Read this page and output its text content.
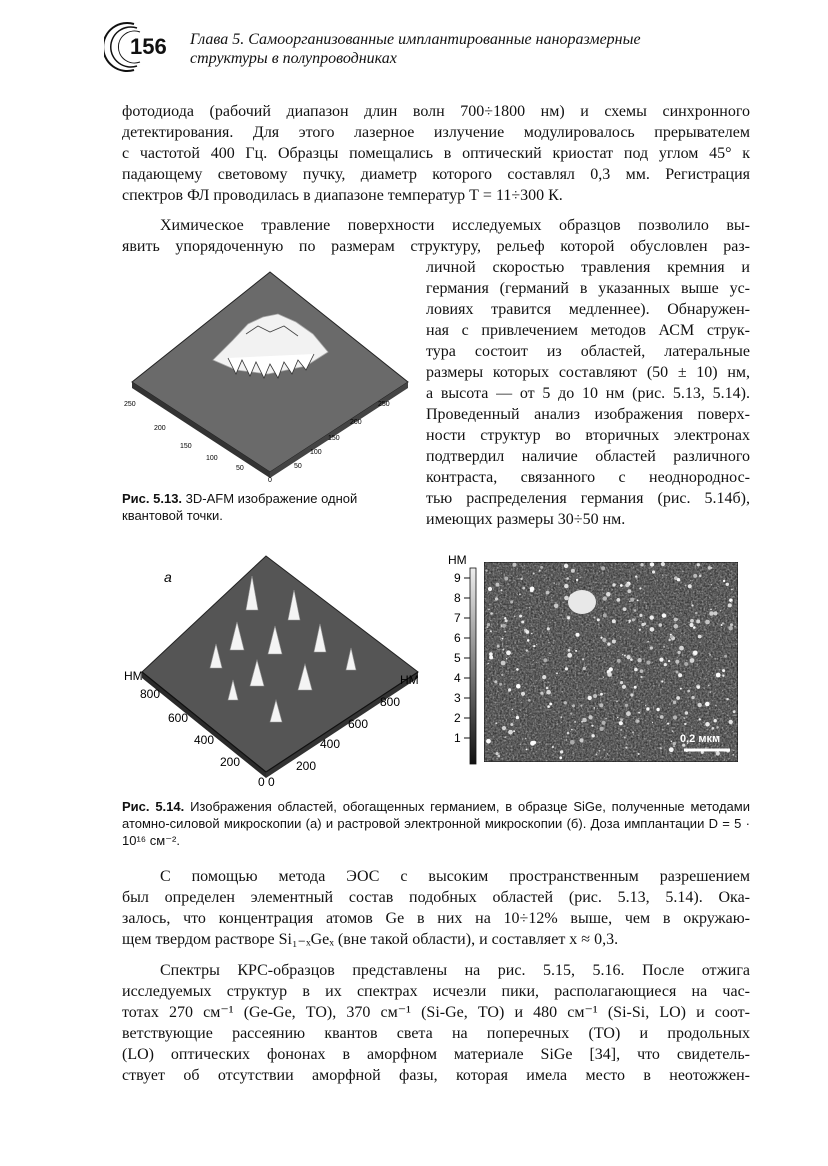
156 Глава 5. Самоорганизованные имплантированные наноразмерные
структуры в полупроводниках
фотодиода (рабочий диапазон длин волн 700÷1800 нм) и схемы синхронного
детектирования. Для этого лазерное излучение модулировалось прерывателем
с частотой 400 Гц. Образцы помещались в оптический криостат под углом 45° к
падающему световому пучку, диаметр которого составлял 0,3 мм. Регистрация
спектров ФЛ проводилась в диапазоне температур Т = 11÷300 К.
Химическое травление поверхности исследуемых образцов позволило вы-
явить упорядоченную по размерам структуру, рельеф которой обусловлен раз-
личной скоростью травления кремния и
германия (германий в указанных выше ус-
ловиях травится медленнее). Обнаружен-
ная с привлечением методов АСМ струк-
тура состоит из областей, латеральные
размеры которых составляют (50 ± 10) нм,
а высота — от 5 до 10 нм (рис. 5.13, 5.14).
Проведенный анализ изображения поверх-
ности структур во вторичных электронах
подтвердил наличие областей различного
контраста, связанного с неоднороднос-
тью распределения германия (рис. 5.14б),
имеющих размеры 30÷50 нм.
250
200
150
100
50
250
200
150
100
50
0
Рис. 5.13. 3D-AFM изображение одной квантовой точки.
а
НМ	НМ
800
600
400
200
800
600
400
200
0 0
НМ
9
8
7
6
5
4
3
2
1	0,2 мкм
Рис. 5.14. Изображения областей, обогащенных германием, в образце SiGe, полученные методами атомно-силовой микроскопии (а) и растровой электронной микроскопии (б). Доза имплантации D = 5 · 10¹⁶ см⁻².
С помощью метода ЭОС с высоким пространственным разрешением
был определен элементный состав подобных областей (рис. 5.13, 5.14). Ока-
залось, что концентрация атомов Ge в них на 10÷12% выше, чем в окружаю-
щем твердом растворе Si₁₋ₓGeₓ (вне такой области), и составляет x ≈ 0,3.
Спектры КРС-образцов представлены на рис. 5.15, 5.16. После отжига
исследуемых структур в их спектрах исчезли пики, располагающиеся на час-
тотах 270 см⁻¹ (Ge-Ge, ТО), 370 см⁻¹ (Si-Ge, ТО) и 480 см⁻¹ (Si-Si, LO) и соот-
ветствующие рассеянию квантов света на поперечных (ТО) и продольных
(LO) оптических фононах в аморфном материале SiGe [34], что свидетель-
ствует об отсутствии аморфной фазы, которая имела место в неотожжен-
